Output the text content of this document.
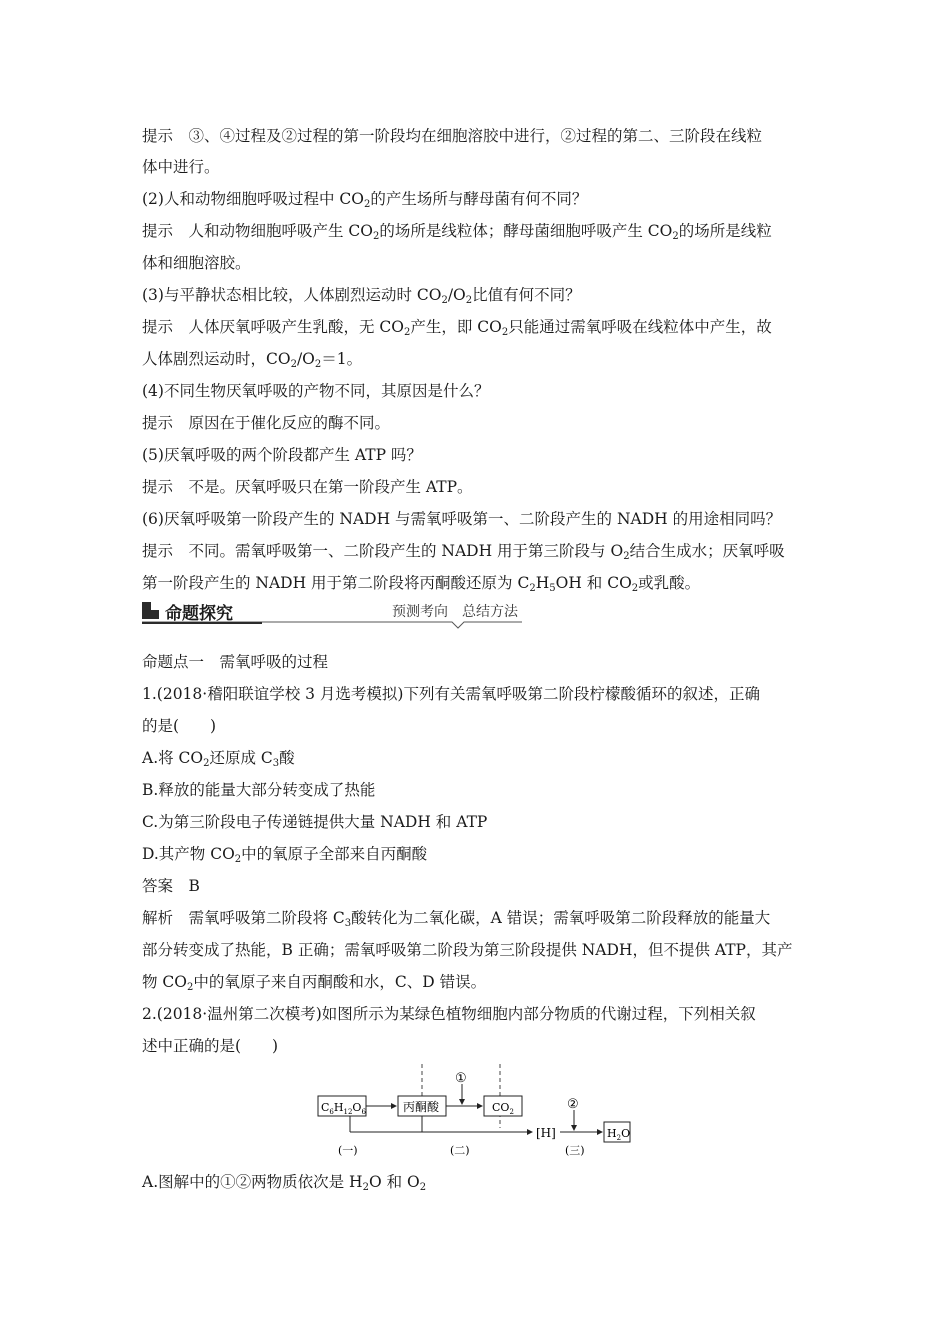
提示　③、④过程及②过程的第一阶段均在细胞溶胶中进行，②过程的第二、三阶段在线粒
体中进行。
(2)人和动物细胞呼吸过程中 $CO_2$的产生场所与酵母菌有何不同？
提示　人和动物细胞呼吸产生 $CO_2$的场所是线粒体；酵母菌细胞呼吸产生 $CO_2$的场所是线粒
体和细胞溶胶。
(3)与平静状态相比较，人体剧烈运动时 $CO_2/O_2$比值有何不同？
提示　人体厌氧呼吸产生乳酸，无 $CO_2$产生，即 $CO_2$只能通过需氧呼吸在线粒体中产生，故
人体剧烈运动时，$CO_2/O_2=1$。
(4)不同生物厌氧呼吸的产物不同，其原因是什么？
提示　原因在于催化反应的酶不同。
(5)厌氧呼吸的两个阶段都产生 ATP 吗？
提示　不是。厌氧呼吸只在第一阶段产生 ATP。
(6)厌氧呼吸第一阶段产生的 NADH 与需氧呼吸第一、二阶段产生的 NADH 的用途相同吗？
提示　不同。需氧呼吸第一、二阶段产生的 NADH 用于第三阶段与 $O_2$结合生成水；厌氧呼吸
第一阶段产生的 NADH 用于第二阶段将丙酮酸还原为 $C_2H_5OH$ 和 $CO_2$或乳酸。
命题探究	预测考向　总结方法
命题点一　需氧呼吸的过程
1.(2018·稽阳联谊学校 3 月选考模拟)下列有关需氧呼吸第二阶段柠檬酸循环的叙述，正确
的是(　　)
A.将 $CO_2$还原成 $C_3$酸
B.释放的能量大部分转变成了热能
C.为第三阶段电子传递链提供大量 NADH 和 ATP
D.其产物 $CO_2$中的氧原子全部来自丙酮酸
答案　B
解析　需氧呼吸第二阶段将 $C_3$酸转化为二氧化碳，A 错误；需氧呼吸第二阶段释放的能量大
部分转变成了热能，B 正确；需氧呼吸第二阶段为第三阶段提供 NADH，但不提供 ATP，其产
物 $CO_2$中的氧原子来自丙酮酸和水，C、D 错误。
2.(2018·温州第二次模考)如图所示为某绿色植物细胞内部分物质的代谢过程，下列相关叙
述中正确的是(　　)
$C_6H_{12}O_6$	丙酮酸	$CO_2$
$H_2O$
[H]
①
②
(一)	(二)	(三)
A.图解中的①②两物质依次是 $H_2O$ 和 $O_2$
